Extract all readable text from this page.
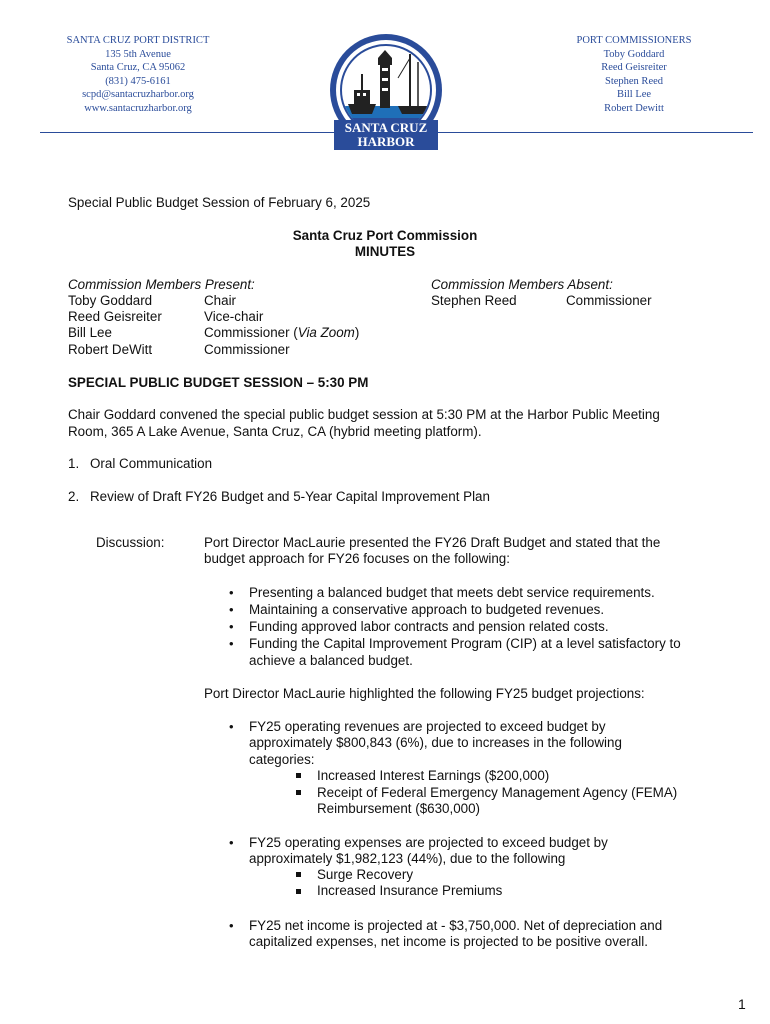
SANTA CRUZ PORT DISTRICT
135 5th Avenue
Santa Cruz, CA 95062
(831) 475-6161
scpd@santacruzharbor.org
www.santacruzharbor.org
SANTA CRUZ
HARBOR
PORT COMMISSIONERS
Toby Goddard
Reed Geisreiter
Stephen Reed
Bill Lee
Robert Dewitt
Special Public Budget Session of February 6, 2025
Santa Cruz Port Commission
MINUTES
Commission Members Present:
Toby Goddard	Chair
Reed Geisreiter	Vice-chair
Bill Lee	Commissioner (Via Zoom)
Robert DeWitt	Commissioner
Commission Members Absent:
Stephen Reed	Commissioner
SPECIAL PUBLIC BUDGET SESSION – 5:30 PM
Chair Goddard convened the special public budget session at 5:30 PM at the Harbor Public Meeting
Room, 365 A Lake Avenue, Santa Cruz, CA (hybrid meeting platform).
1. Oral Communication
2. Review of Draft FY26 Budget and 5-Year Capital Improvement Plan
Discussion:	Port Director MacLaurie presented the FY26 Draft Budget and stated that the
budget approach for FY26 focuses on the following:
• Presenting a balanced budget that meets debt service requirements.
• Maintaining a conservative approach to budgeted revenues.
• Funding approved labor contracts and pension related costs.
• Funding the Capital Improvement Program (CIP) at a level satisfactory to
achieve a balanced budget.
Port Director MacLaurie highlighted the following FY25 budget projections:
• FY25 operating revenues are projected to exceed budget by
approximately $800,843 (6%), due to increases in the following
categories:
Increased Interest Earnings ($200,000)
Receipt of Federal Emergency Management Agency (FEMA)
Reimbursement ($630,000)
• FY25 operating expenses are projected to exceed budget by
approximately $1,982,123 (44%), due to the following
Surge Recovery
Increased Insurance Premiums
• FY25 net income is projected at - $3,750,000. Net of depreciation and
capitalized expenses, net income is projected to be positive overall.
1
